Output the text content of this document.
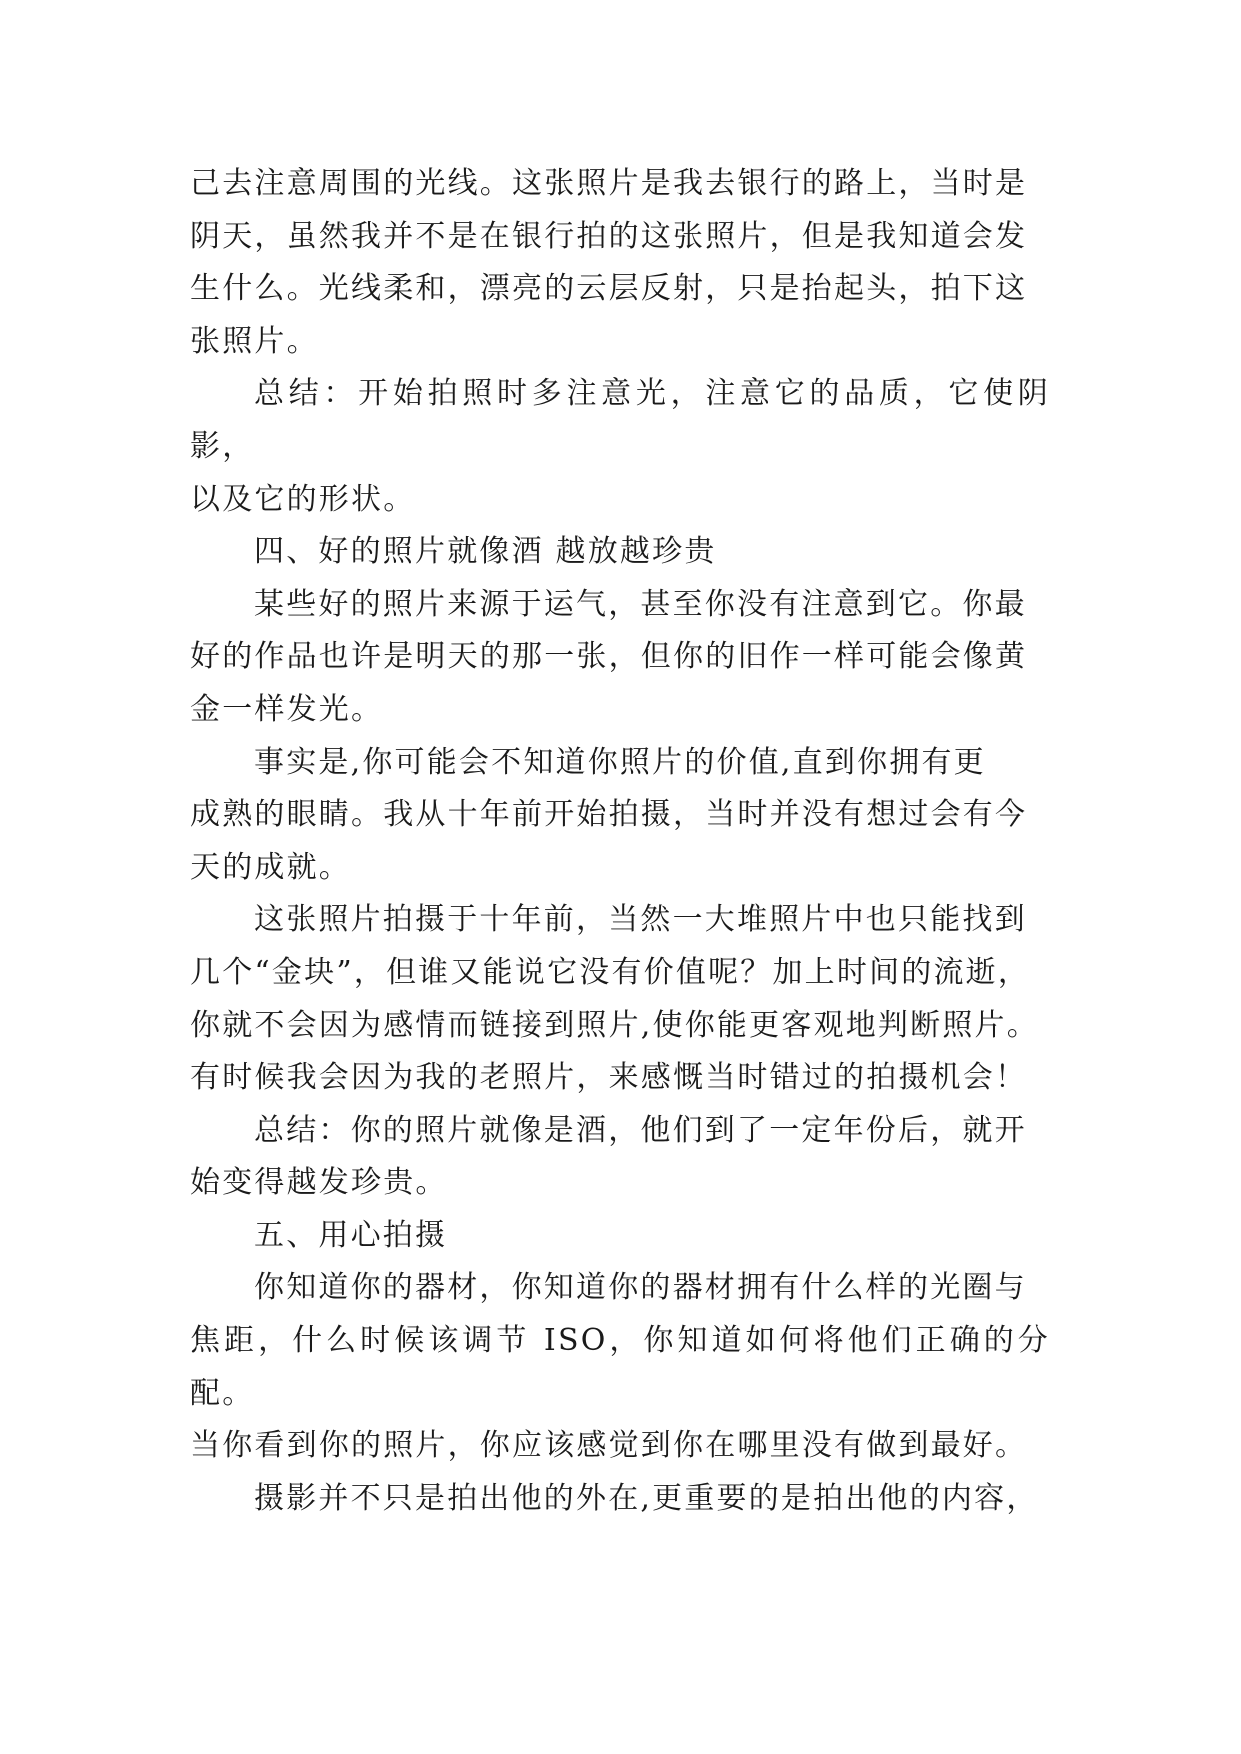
己去注意周围的光线。这张照片是我去银行的路上，当时是
阴天，虽然我并不是在银行拍的这张照片，但是我知道会发
生什么。光线柔和，漂亮的云层反射，只是抬起头，拍下这
张照片。

总结：开始拍照时多注意光，注意它的品质，它使阴影，
以及它的形状。

四、好的照片就像酒 越放越珍贵

某些好的照片来源于运气，甚至你没有注意到它。你最
好的作品也许是明天的那一张，但你的旧作一样可能会像黄
金一样发光。

事实是,你可能会不知道你照片的价值,直到你拥有更
成熟的眼睛。我从十年前开始拍摄，当时并没有想过会有今
天的成就。

这张照片拍摄于十年前，当然一大堆照片中也只能找到
几个“金块”，但谁又能说它没有价值呢？加上时间的流逝，
你就不会因为感情而链接到照片,使你能更客观地判断照片。
有时候我会因为我的老照片，来感慨当时错过的拍摄机会！

总结：你的照片就像是酒，他们到了一定年份后，就开
始变得越发珍贵。

五、用心拍摄

你知道你的器材，你知道你的器材拥有什么样的光圈与
焦距，什么时候该调节 ISO，你知道如何将他们正确的分配。
当你看到你的照片，你应该感觉到你在哪里没有做到最好。

摄影并不只是拍出他的外在,更重要的是拍出他的内容，
